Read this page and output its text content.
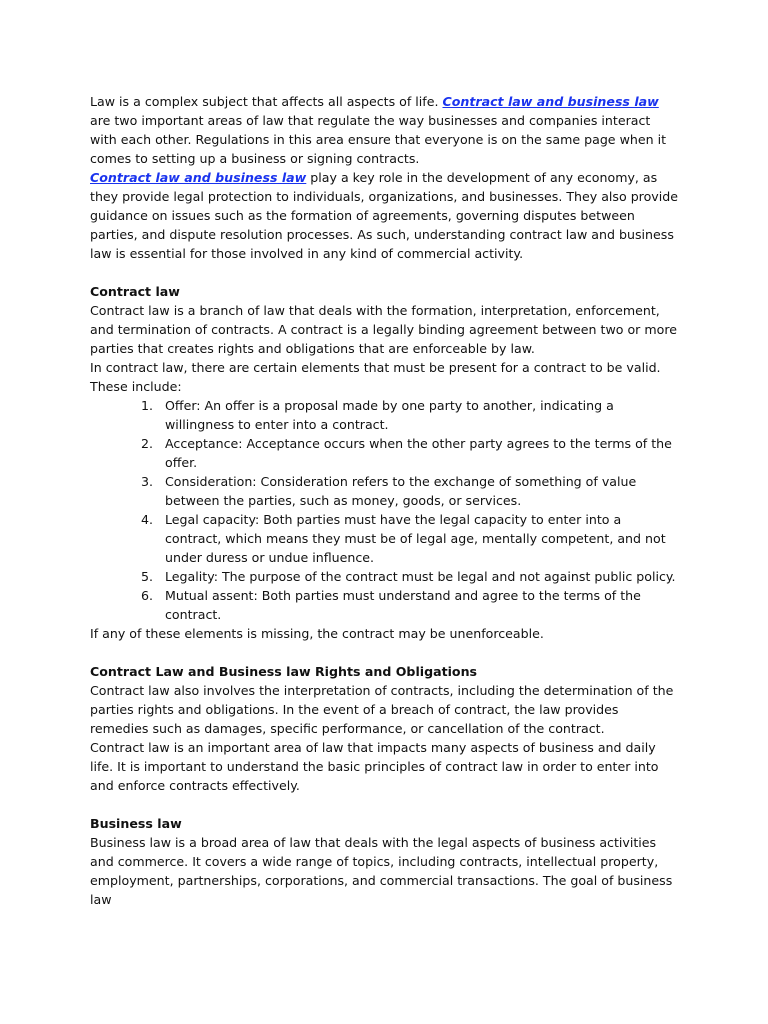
Law is a complex subject that affects all aspects of life. Contract law and business law are two important areas of law that regulate the way businesses and companies interact with each other. Regulations in this area ensure that everyone is on the same page when it comes to setting up a business or signing contracts.

Contract law and business law play a key role in the development of any economy, as they provide legal protection to individuals, organizations, and businesses. They also provide guidance on issues such as the formation of agreements, governing disputes between parties, and dispute resolution processes. As such, understanding contract law and business law is essential for those involved in any kind of commercial activity.

Contract law

Contract law is a branch of law that deals with the formation, interpretation, enforcement, and termination of contracts. A contract is a legally binding agreement between two or more parties that creates rights and obligations that are enforceable by law.

In contract law, there are certain elements that must be present for a contract to be valid. These include:

1. Offer: An offer is a proposal made by one party to another, indicating a willingness to enter into a contract.
2. Acceptance: Acceptance occurs when the other party agrees to the terms of the offer.
3. Consideration: Consideration refers to the exchange of something of value between the parties, such as money, goods, or services.
4. Legal capacity: Both parties must have the legal capacity to enter into a contract, which means they must be of legal age, mentally competent, and not under duress or undue influence.
5. Legality: The purpose of the contract must be legal and not against public policy.
6. Mutual assent: Both parties must understand and agree to the terms of the contract.

If any of these elements is missing, the contract may be unenforceable.

Contract Law and Business law Rights and Obligations

Contract law also involves the interpretation of contracts, including the determination of the parties rights and obligations. In the event of a breach of contract, the law provides remedies such as damages, specific performance, or cancellation of the contract.

Contract law is an important area of law that impacts many aspects of business and daily life. It is important to understand the basic principles of contract law in order to enter into and enforce contracts effectively.

Business law

Business law is a broad area of law that deals with the legal aspects of business activities and commerce. It covers a wide range of topics, including contracts, intellectual property, employment, partnerships, corporations, and commercial transactions. The goal of business law
